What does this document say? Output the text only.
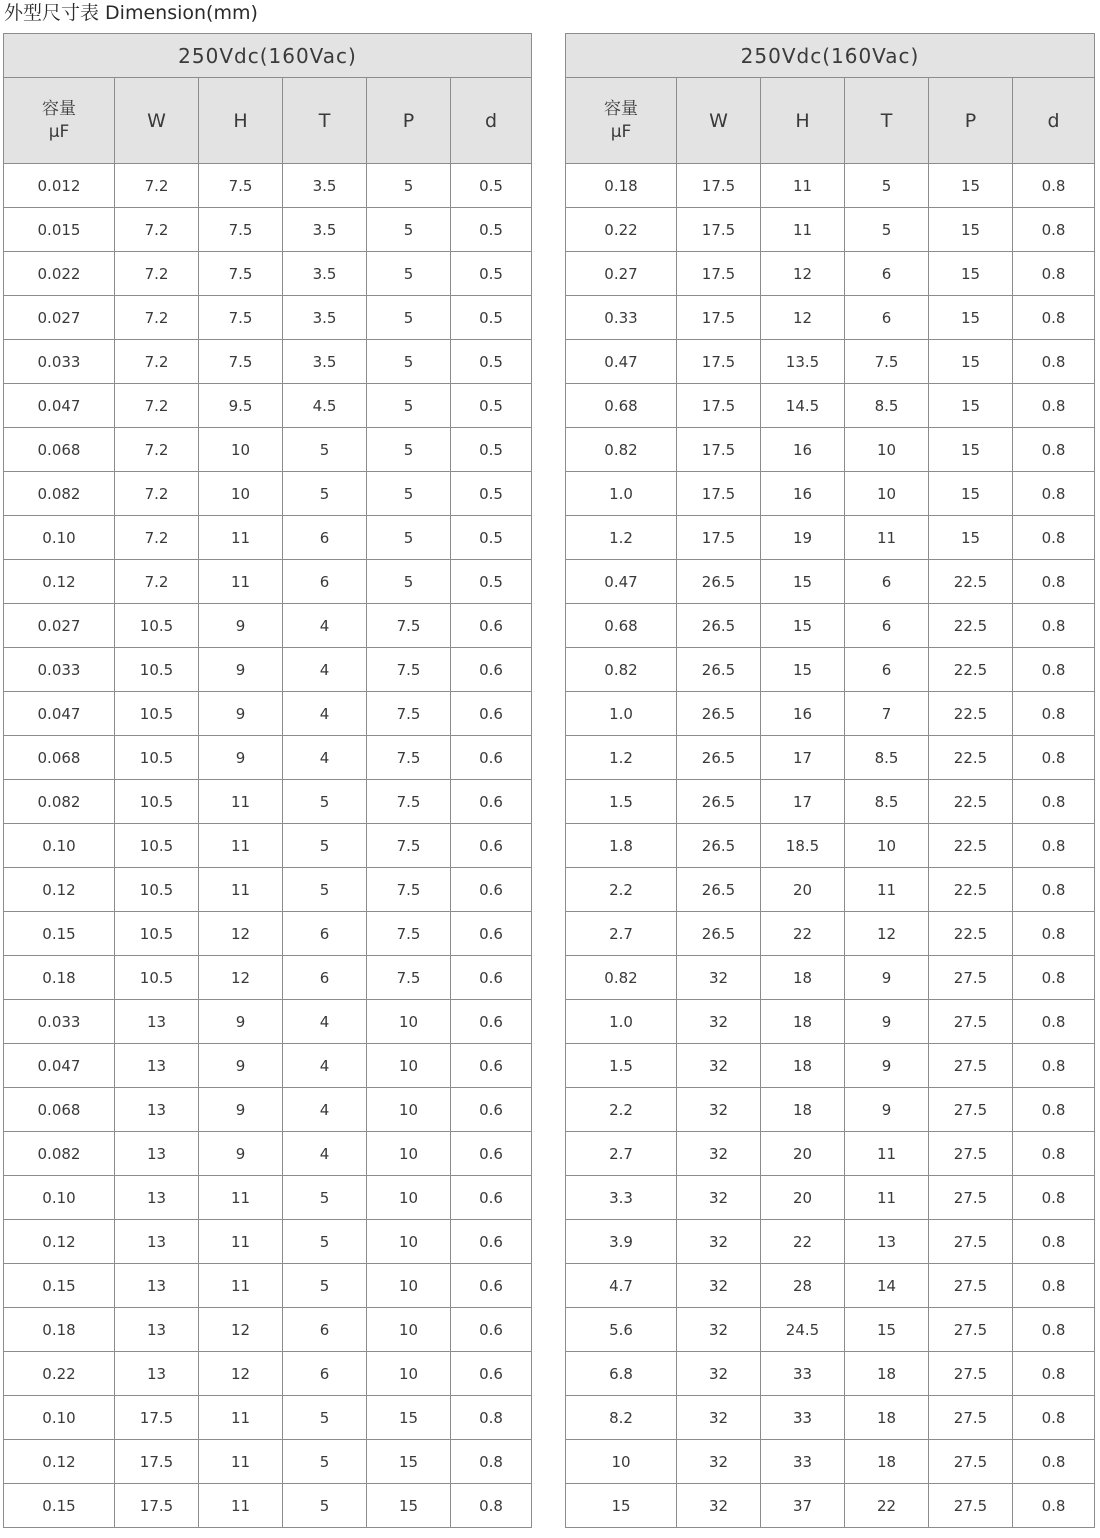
外型尺寸表 Dimension(mm)
250Vdc(160Vac)					

容量
μF	W	H	T	P	d
0.012	7.2	7.5	3.5	5	0.5
0.015	7.2	7.5	3.5	5	0.5
0.022	7.2	7.5	3.5	5	0.5
0.027	7.2	7.5	3.5	5	0.5
0.033	7.2	7.5	3.5	5	0.5
0.047	7.2	9.5	4.5	5	0.5
0.068	7.2	10	5	5	0.5
0.082	7.2	10	5	5	0.5
0.10	7.2	11	6	5	0.5
0.12	7.2	11	6	5	0.5
0.027	10.5	9	4	7.5	0.6
0.033	10.5	9	4	7.5	0.6
0.047	10.5	9	4	7.5	0.6
0.068	10.5	9	4	7.5	0.6
0.082	10.5	11	5	7.5	0.6
0.10	10.5	11	5	7.5	0.6
0.12	10.5	11	5	7.5	0.6
0.15	10.5	12	6	7.5	0.6
0.18	10.5	12	6	7.5	0.6
0.033	13	9	4	10	0.6
0.047	13	9	4	10	0.6
0.068	13	9	4	10	0.6
0.082	13	9	4	10	0.6
0.10	13	11	5	10	0.6
0.12	13	11	5	10	0.6
0.15	13	11	5	10	0.6
0.18	13	12	6	10	0.6
0.22	13	12	6	10	0.6
0.10	17.5	11	5	15	0.8
0.12	17.5	11	5	15	0.8
0.15	17.5	11	5	15	0.8
250Vdc(160Vac)					

容量
μF	W	H	T	P	d
0.18	17.5	11	5	15	0.8
0.22	17.5	11	5	15	0.8
0.27	17.5	12	6	15	0.8
0.33	17.5	12	6	15	0.8
0.47	17.5	13.5	7.5	15	0.8
0.68	17.5	14.5	8.5	15	0.8
0.82	17.5	16	10	15	0.8
1.0	17.5	16	10	15	0.8
1.2	17.5	19	11	15	0.8
0.47	26.5	15	6	22.5	0.8
0.68	26.5	15	6	22.5	0.8
0.82	26.5	15	6	22.5	0.8
1.0	26.5	16	7	22.5	0.8
1.2	26.5	17	8.5	22.5	0.8
1.5	26.5	17	8.5	22.5	0.8
1.8	26.5	18.5	10	22.5	0.8
2.2	26.5	20	11	22.5	0.8
2.7	26.5	22	12	22.5	0.8
0.82	32	18	9	27.5	0.8
1.0	32	18	9	27.5	0.8
1.5	32	18	9	27.5	0.8
2.2	32	18	9	27.5	0.8
2.7	32	20	11	27.5	0.8
3.3	32	20	11	27.5	0.8
3.9	32	22	13	27.5	0.8
4.7	32	28	14	27.5	0.8
5.6	32	24.5	15	27.5	0.8
6.8	32	33	18	27.5	0.8
8.2	32	33	18	27.5	0.8
10	32	33	18	27.5	0.8
15	32	37	22	27.5	0.8
